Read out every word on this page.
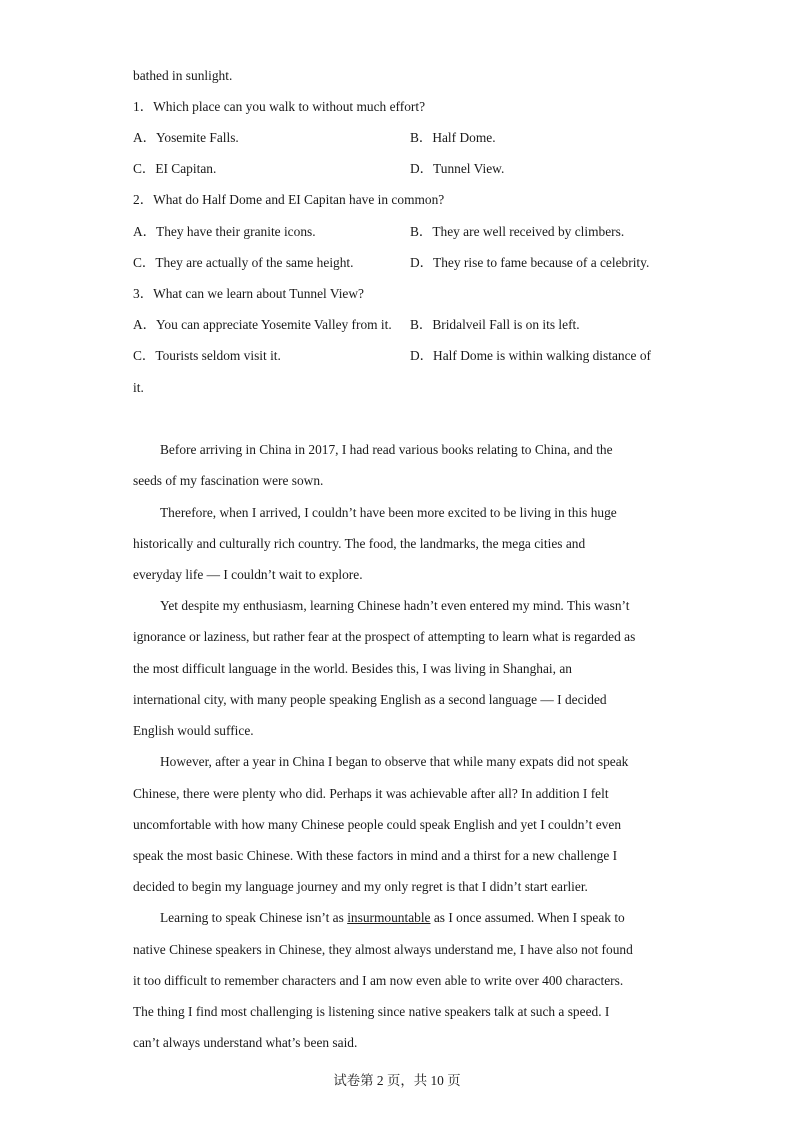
bathed in sunlight.
1．Which place can you walk to without much effort?
A．Yosemite Falls.	B．Half Dome.
C．EI Capitan.	D．Tunnel View.
2．What do Half Dome and EI Capitan have in common?
A．They have their granite icons.	B．They are well received by climbers.
C．They are actually of the same height.	D．They rise to fame because of a celebrity.
3．What can we learn about Tunnel View?
A．You can appreciate Yosemite Valley from it. B．Bridalveil Fall is on its left.
C．Tourists seldom visit it.	D．Half Dome is within walking distance of
it.
Before arriving in China in 2017, I had read various books relating to China, and the
seeds of my fascination were sown.
Therefore, when I arrived, I couldn’t have been more excited to be living in this huge
historically and culturally rich country. The food, the landmarks, the mega cities and
everyday life — I couldn’t wait to explore.
Yet despite my enthusiasm, learning Chinese hadn’t even entered my mind. This wasn’t
ignorance or laziness, but rather fear at the prospect of attempting to learn what is regarded as
the most difficult language in the world. Besides this, I was living in Shanghai, an
international city, with many people speaking English as a second language — I decided
English would suffice.
However, after a year in China I began to observe that while many expats did not speak
Chinese, there were plenty who did. Perhaps it was achievable after all? In addition I felt
uncomfortable with how many Chinese people could speak English and yet I couldn’t even
speak the most basic Chinese. With these factors in mind and a thirst for a new challenge I
decided to begin my language journey and my only regret is that I didn’t start earlier.
Learning to speak Chinese isn’t as insurmountable as I once assumed. When I speak to
native Chinese speakers in Chinese, they almost always understand me, I have also not found
it too difficult to remember characters and I am now even able to write over 400 characters.
The thing I find most challenging is listening since native speakers talk at such a speed. I
can’t always understand what’s been said.
试卷第 2 页，共 10 页
